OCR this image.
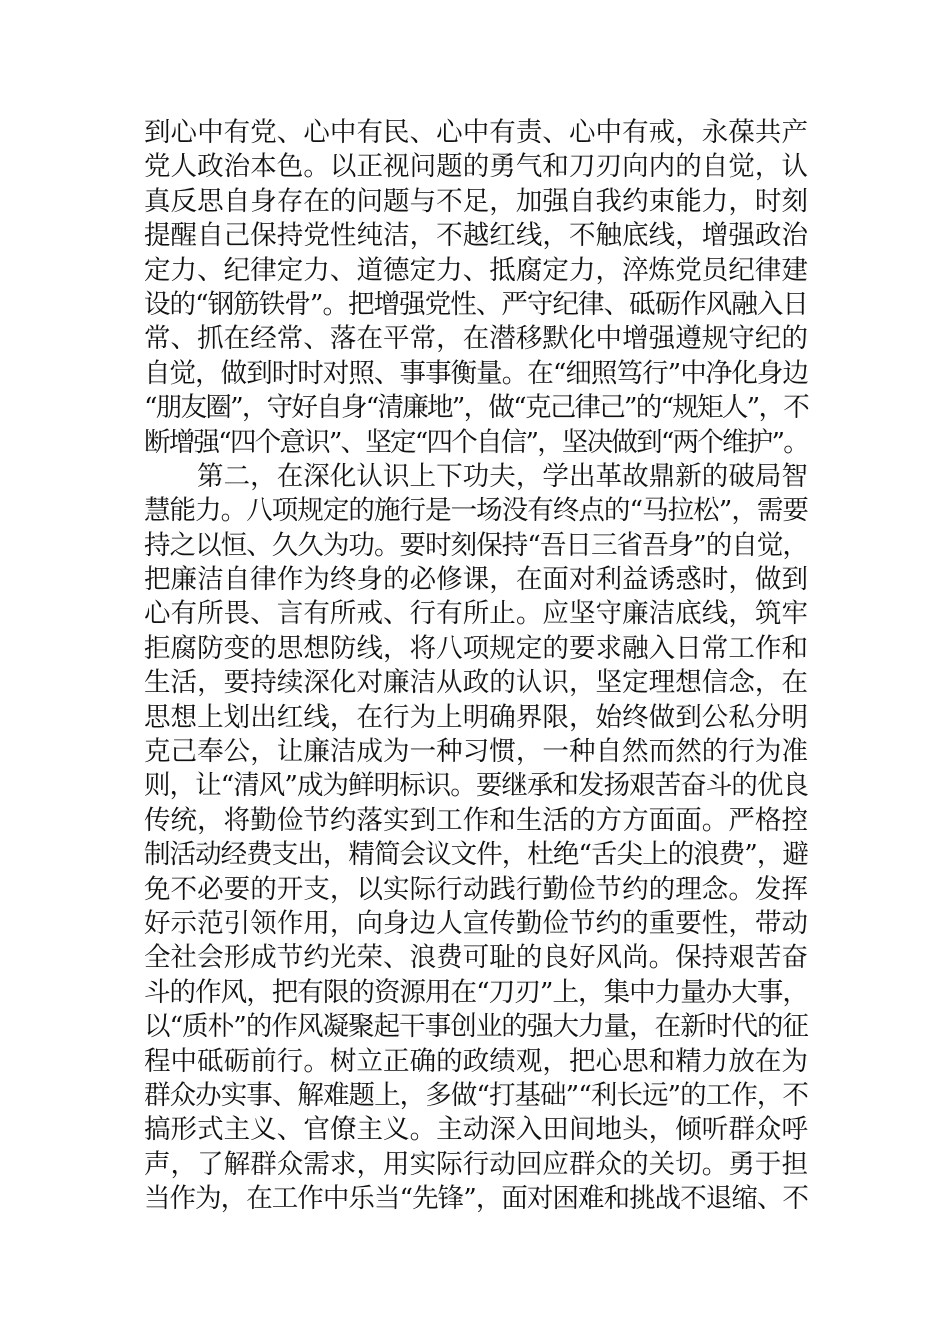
到心中有党、心中有民、心中有责、心中有戒，永葆共产
党人政治本色。以正视问题的勇气和刀刃向内的自觉，认
真反思自身存在的问题与不足，加强自我约束能力，时刻
提醒自己保持党性纯洁，不越红线，不触底线，增强政治
定力、纪律定力、道德定力、抵腐定力，淬炼党员纪律建
设的“钢筋铁骨”。把增强党性、严守纪律、砥砺作风融入日
常、抓在经常、落在平常，在潜移默化中增强遵规守纪的
自觉，做到时时对照、事事衡量。在“细照笃行”中净化身边
“朋友圈”，守好自身“清廉地”，做“克己律己”的“规矩人”，不
断增强“四个意识”、坚定“四个自信”，坚决做到“两个维护”。
第二，在深化认识上下功夫，学出革故鼎新的破局智
慧能力。八项规定的施行是一场没有终点的“马拉松”，需要
持之以恒、久久为功。要时刻保持“吾日三省吾身”的自觉，
把廉洁自律作为终身的必修课，在面对利益诱惑时，做到
心有所畏、言有所戒、行有所止。应坚守廉洁底线，筑牢
拒腐防变的思想防线，将八项规定的要求融入日常工作和
生活，要持续深化对廉洁从政的认识，坚定理想信念，在
思想上划出红线，在行为上明确界限，始终做到公私分明
克己奉公，让廉洁成为一种习惯，一种自然而然的行为准
则，让“清风”成为鲜明标识。要继承和发扬艰苦奋斗的优良
传统，将勤俭节约落实到工作和生活的方方面面。严格控
制活动经费支出，精简会议文件，杜绝“舌尖上的浪费”，避
免不必要的开支，以实际行动践行勤俭节约的理念。发挥
好示范引领作用，向身边人宣传勤俭节约的重要性，带动
全社会形成节约光荣、浪费可耻的良好风尚。保持艰苦奋
斗的作风，把有限的资源用在“刀刃”上，集中力量办大事，
以“质朴”的作风凝聚起干事创业的强大力量，在新时代的征
程中砥砺前行。树立正确的政绩观，把心思和精力放在为
群众办实事、解难题上，多做“打基础”“利长远”的工作，不
搞形式主义、官僚主义。主动深入田间地头，倾听群众呼
声，了解群众需求，用实际行动回应群众的关切。勇于担
当作为，在工作中乐当“先锋”，面对困难和挑战不退缩、不
